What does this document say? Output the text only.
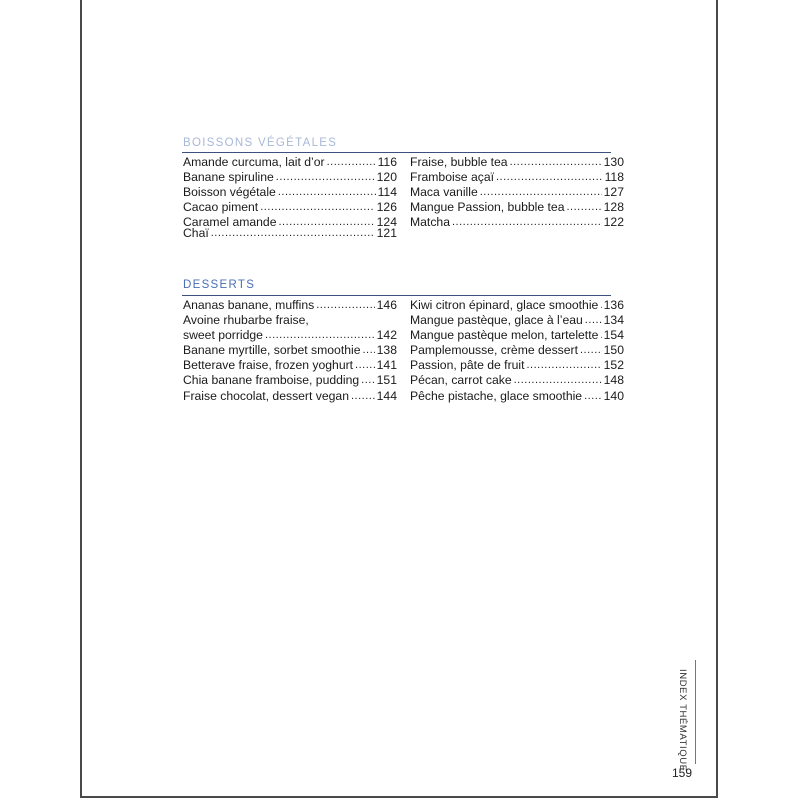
BOISSONS VÉGÉTALES
Amande curcuma, lait d’or .....	116
Banane spiruline .....	120
Boisson végétale .....	114
Cacao piment .....	126
Caramel amande .....	124
Chaï .....	121
Fraise, bubble tea .....	130
Framboise açaï .....	118
Maca vanille .....	127
Mangue Passion, bubble tea .....	128
Matcha .....	122
DESSERTS
Ananas banane, muffins .....	146
Avoine rhubarbe fraise,
sweet porridge .....	142
Banane myrtille, sorbet smoothie ..... 138
Betterave fraise, frozen yoghurt ..... 141
Chia banane framboise, pudding ..... 151
Fraise chocolat, dessert vegan ..... 144
Kiwi citron épinard, glace smoothie ..... 136
Mangue pastèque, glace à l’eau ..... 134
Mangue pastèque melon, tartelette ..... 154
Pamplemousse, crème dessert ..... 150
Passion, pâte de fruit .....	152
Pécan, carrot cake .....	148
Pêche pistache, glace smoothie ..... 140
INDEX THÉMATIQUE
159
